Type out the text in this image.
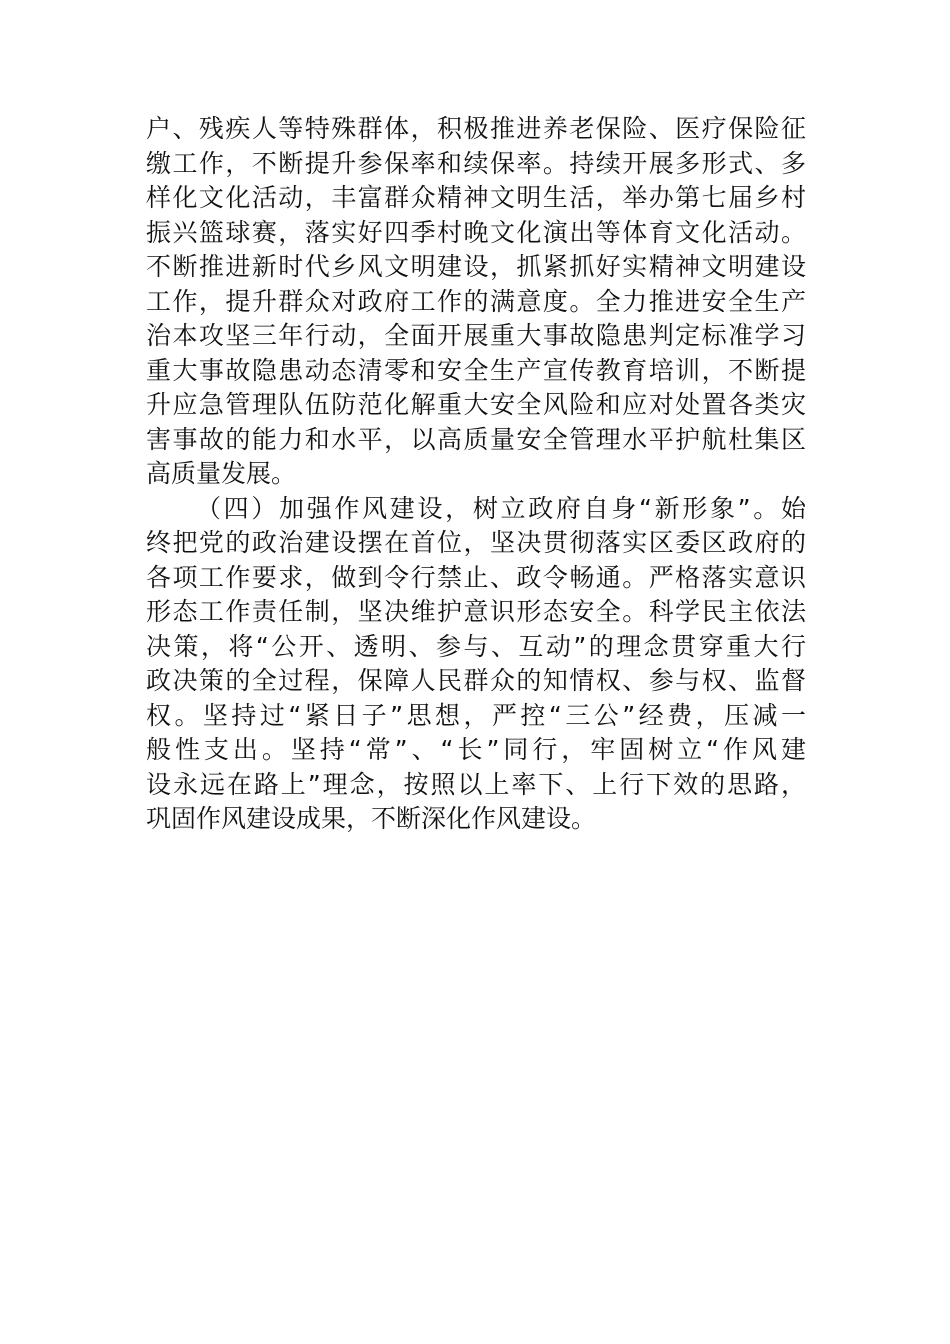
户、残疾人等特殊群体，积极推进养老保险、医疗保险征
缴工作，不断提升参保率和续保率。持续开展多形式、多
样化文化活动，丰富群众精神文明生活，举办第七届乡村
振兴篮球赛，落实好四季村晚文化演出等体育文化活动。
不断推进新时代乡风文明建设，抓紧抓好实精神文明建设
工作，提升群众对政府工作的满意度。全力推进安全生产
治本攻坚三年行动，全面开展重大事故隐患判定标准学习
重大事故隐患动态清零和安全生产宣传教育培训，不断提
升应急管理队伍防范化解重大安全风险和应对处置各类灾
害事故的能力和水平，以高质量安全管理水平护航杜集区
高质量发展。
（四）加强作风建设，树立政府自身“新形象”。始
终把党的政治建设摆在首位，坚决贯彻落实区委区政府的
各项工作要求，做到令行禁止、政令畅通。严格落实意识
形态工作责任制，坚决维护意识形态安全。科学民主依法
决策，将“公开、透明、参与、互动”的理念贯穿重大行
政决策的全过程，保障人民群众的知情权、参与权、监督
权。坚持过“紧日子”思想，严控“三公”经费，压减一
般性支出。坚持“常”、“长”同行，牢固树立“作风建
设永远在路上”理念，按照以上率下、上行下效的思路，
巩固作风建设成果，不断深化作风建设。
